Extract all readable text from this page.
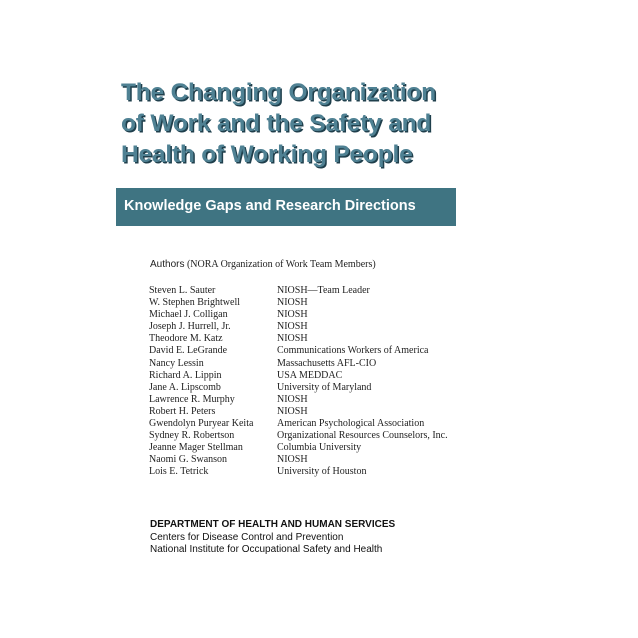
The Changing Organization
of Work and the Safety and
Health of Working People
Knowledge Gaps and Research Directions
Authors (NORA Organization of Work Team Members)
Steven L. Sauter	NIOSH—Team Leader
W. Stephen Brightwell	NIOSH
Michael J. Colligan	NIOSH
Joseph J. Hurrell, Jr.	NIOSH
Theodore M. Katz	NIOSH
David E. LeGrande	Communications Workers of America
Nancy Lessin	Massachusetts AFL-CIO
Richard A. Lippin	USA MEDDAC
Jane A. Lipscomb	University of Maryland
Lawrence R. Murphy	NIOSH
Robert H. Peters	NIOSH
Gwendolyn Puryear Keita	American Psychological Association
Sydney R. Robertson	Organizational Resources Counselors, Inc.
Jeanne Mager Stellman	Columbia University
Naomi G. Swanson	NIOSH
Lois E. Tetrick	University of Houston
DEPARTMENT OF HEALTH AND HUMAN SERVICES
Centers for Disease Control and Prevention
National Institute for Occupational Safety and Health
